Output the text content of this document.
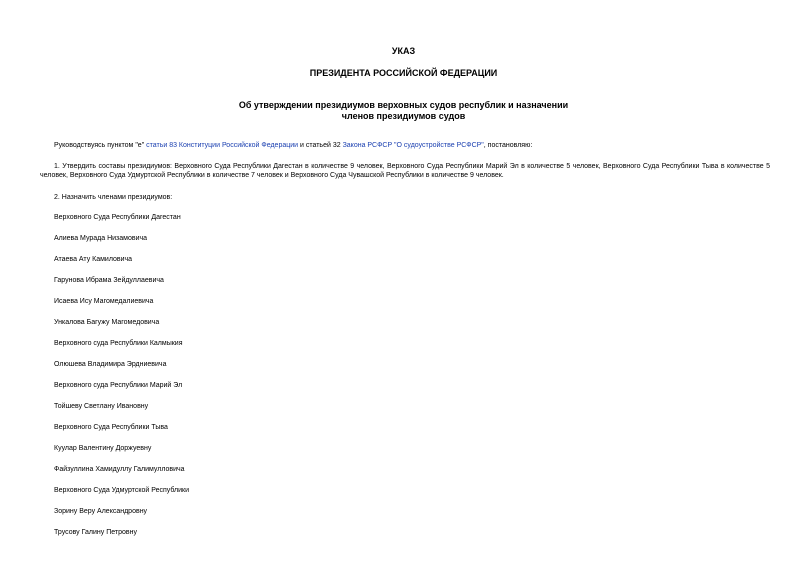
УКАЗ
ПРЕЗИДЕНТА РОССИЙСКОЙ ФЕДЕРАЦИИ
Об утверждении президиумов верховных судов республик и назначении
членов президиумов судов
Руководствуясь пунктом "е" статьи 83 Конституции Российской Федерации и статьей 32 Закона РСФСР "О судоустройстве РСФСР", постановляю:
1. Утвердить составы президиумов: Верховного Суда Республики Дагестан в количестве 9 человек, Верховного Суда Республики Марий Эл в количестве 5 человек, Верховного Суда Республики Тыва в количестве 5 человек, Верховного Суда Удмуртской Республики в количестве 7 человек и Верховного Суда Чувашской Республики в количестве 9 человек.
2. Назначить членами президиумов:
Верховного Суда Республики Дагестан
Алиева Мурада Низамовича
Атаева Ату Камиловича
Гарунова Ибрама Зейдуллаевича
Исаева Ису Магомедалиевича
Ункалова Багужу Магомедовича
Верховного суда Республики Калмыкия
Олюшева Владимира Эрдниевича
Верховного суда Республики Марий Эл
Тойшеву Светлану Ивановну
Верховного Суда Республики Тыва
Куулар Валентину Доржуевну
Файзуллина Хамидуллу Галимулловича
Верховного Суда Удмуртской Республики
Зорину Веру Александровну
Трусову Галину Петровну
